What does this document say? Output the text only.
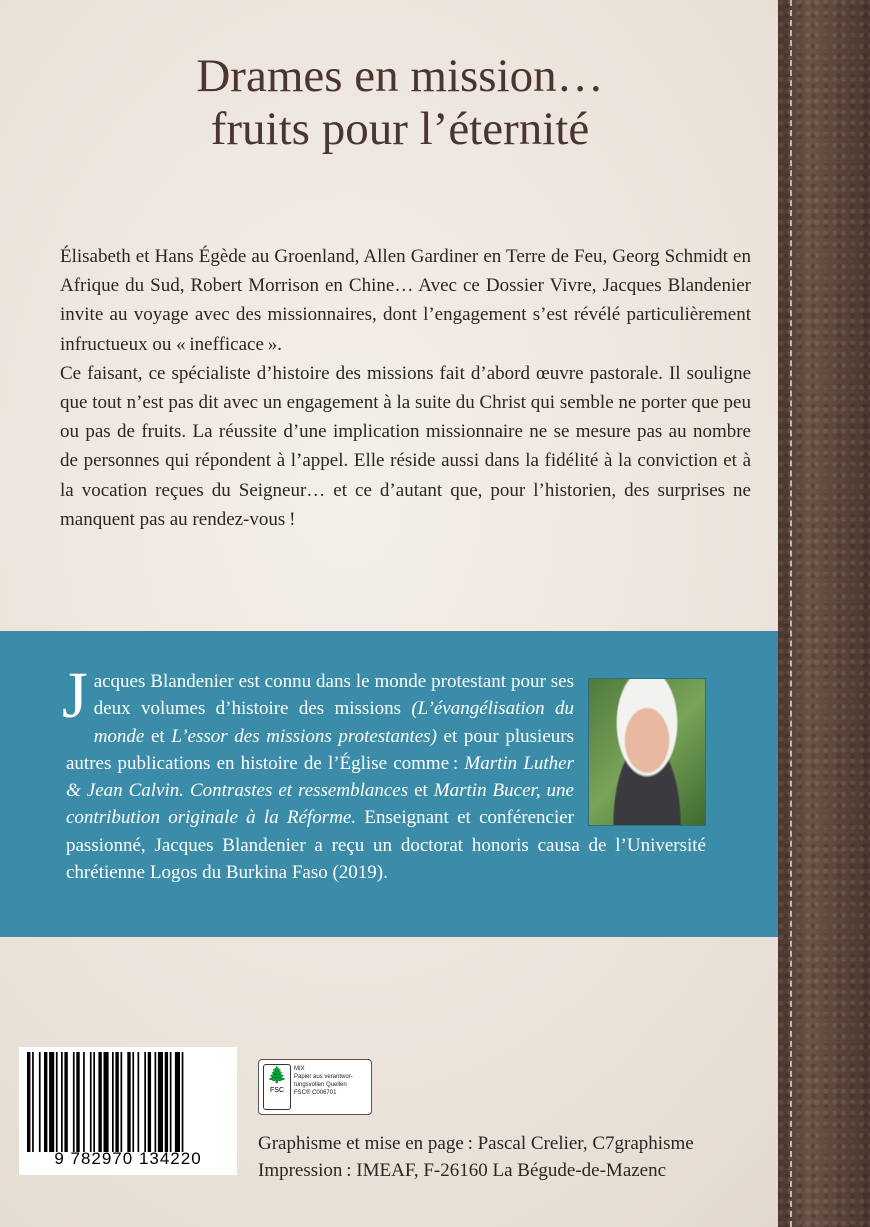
Drames en mission… fruits pour l’éternité

Élisabeth et Hans Égède au Groenland, Allen Gardiner en Terre de Feu, Georg Schmidt en Afrique du Sud, Robert Morrison en Chine… Avec ce Dossier Vivre, Jacques Blandenier invite au voyage avec des missionnaires, dont l’engagement s’est révélé particulièrement infructueux ou « inefficace ».

Ce faisant, ce spécialiste d’histoire des missions fait d’abord œuvre pastorale. Il souligne que tout n’est pas dit avec un engagement à la suite du Christ qui semble ne porter que peu ou pas de fruits. La réussite d’une implication missionnaire ne se mesure pas au nombre de personnes qui répondent à l’appel. Elle réside aussi dans la fidélité à la conviction et à la vocation reçues du Seigneur… et ce d’autant que, pour l’historien, des surprises ne manquent pas au rendez-vous !

Jacques Blandenier est connu dans le monde protestant pour ses deux volumes d’histoire des missions (L’évangélisation du monde et L’essor des missions protestantes) et pour plusieurs autres publications en histoire de l’Église comme : Martin Luther & Jean Calvin. Contrastes et ressemblances et Martin Bucer, une contribution originale à la Réforme. Enseignant et conférencier passionné, Jacques Blandenier a reçu un doctorat honoris causa de l’Université chrétienne Logos du Burkina Faso (2019).
9 782970 134220
🌲
FSC
MIX
Papier aus verantwor-
tungsvollen Quellen
FSC® C006701
Graphisme et mise en page : Pascal Crelier, C7graphisme
Impression : IMEAF, F-26160 La Bégude-de-Mazenc
